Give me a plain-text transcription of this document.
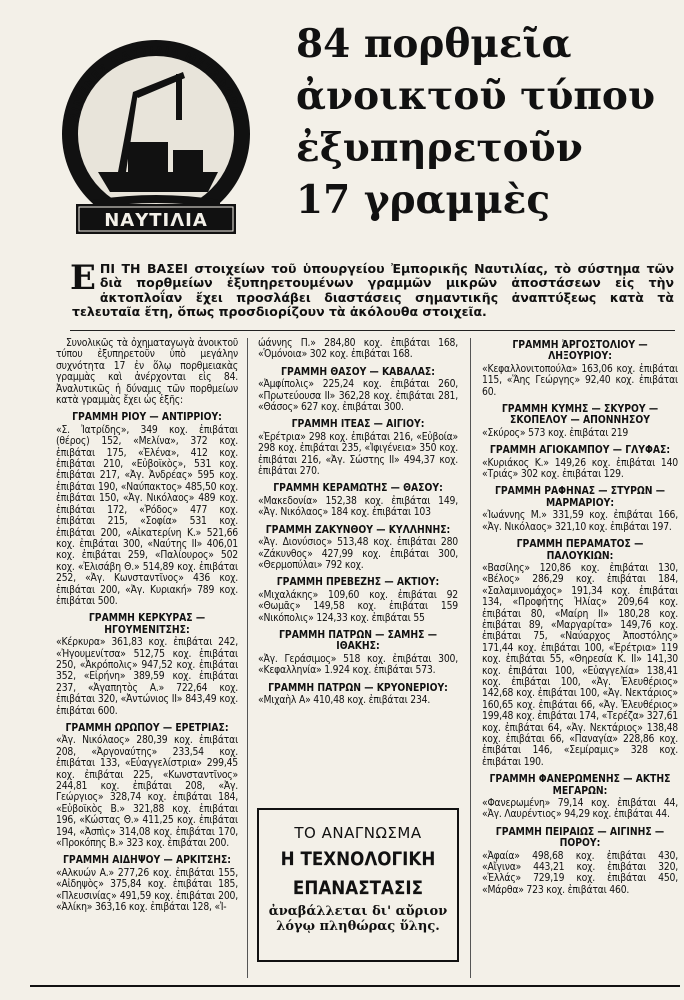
ΛΙΜΕΝΕΣ ΝΑΥΤΙΛΙΑ ΜΕΤΑΦΟΡΑΙ
ΝΑΥΤΙΛΙΑ
84 πορθμεῖα
ἀνοικτοῦ τύπου
ἐξυπηρετοῦν
17 γραμμὲς
ΕΠΙ ΤΗ ΒΑΣΕΙ στοιχείων τοῦ ὑπουργείου Ἐμπορικῆς Ναυτιλίας, τὸ σύστημα τῶν διὰ πορθμείων ἐξυπηρετουμένων γραμμῶν μικρῶν ἀποστάσεων εἰς τὴν ἀκτοπλοΐαν ἔχει προσλάβει διαστάσεις σημαντικῆς ἀναπτύξεως κατὰ τὰ τελευταῖα ἔτη, ὅπως προσδιορίζουν τὰ ἀκόλουθα στοιχεῖα.

Συνολικῶς τὰ ὀχηματαγωγὰ ἀνοικτοῦ τύπου ἐξυπηρετοῦν ὑπὸ μεγάλην συχνότητα 17 ἐν ὅλῳ πορθμειακὰς γραμμὰς καὶ ἀνέρχονται εἰς 84. Ἀναλυτικῶς ἡ δύναμις τῶν πορθμείων κατὰ γραμμὰς ἔχει ὡς ἑξῆς:

ΓΡΑΜΜΗ ΡΙΟΥ — ΑΝΤΙΡΡΙΟΥ:

«Σ. Ἰατρίδης», 349 κοχ. ἐπιβάται (θέρος) 152, «Μελίνα», 372 κοχ. ἐπιβάται 175, «Ἐλένα», 412 κοχ. ἐπιβάται 210, «Εὐβοϊκὸς», 531 κοχ. ἐπιβάται 217, «Ἀγ. Ἀνδρέας» 595 κοχ. ἐπιβάται 190, «Ναύπακτος» 485,50 κοχ. ἐπιβάται 150, «Ἀγ. Νικόλαος» 489 κοχ. ἐπιβάται 172, «Ῥόδος» 477 κοχ. ἐπιβάται 215, «Σοφία» 531 κοχ. ἐπιβάται 200, «Αἰκατερίνη Κ.» 521,66 κοχ. ἐπιβάται 300, «Ναύτης ΙΙ» 406,01 κοχ. ἐπιβάται 259, «Παλίουρος» 502 κοχ. «Ἐλισάβη Θ.» 514,89 κοχ. ἐπιβάται 252, «Ἀγ. Κωνσταντῖνος» 436 κοχ. ἐπιβάται 200, «Ἀγ. Κυριακή» 789 κοχ. ἐπιβάται 500.

ΓΡΑΜΜΗ ΚΕΡΚΥΡΑΣ — ΗΓΟΥΜΕΝΙΤΣΗΣ:

«Κέρκυρα» 361,83 κοχ. ἐπιβάται 242, «Ἠγουμενίτσα» 512,75 κοχ. ἐπιβάται 250, «Ἀκρόπολις» 947,52 κοχ. ἐπιβάται 352, «Εἰρήνη» 389,59 κοχ. ἐπιβάται 237, «Ἀγαπητὸς Α.» 722,64 κοχ. ἐπιβάται 320, «Ἀντώνιος ΙΙ» 843,49 κοχ. ἐπιβάται 600.

ΓΡΑΜΜΗ ΩΡΩΠΟΥ — ΕΡΕΤΡΙΑΣ:

«Ἀγ. Νικόλαος» 280,39 κοχ. ἐπιβάται 208, «Ἀργοναύτης» 233,54 κοχ. ἐπιβάται 133, «Εὐαγγελίστρια» 299,45 κοχ. ἐπιβάται 225, «Κωνσταντῖνος» 244,81 κοχ. ἐπιβάται 208, «Ἀγ. Γεώργιος» 328,74 κοχ. ἐπιβάται 184, «Εὐβοϊκὸς Β.» 321,88 κοχ. ἐπιβάται 196, «Κώστας Θ.» 411,25 κοχ. ἐπιβάται 194, «Ἀσπὶς» 314,08 κοχ. ἐπιβάται 170, «Προκόπης Β.» 323 κοχ. ἐπιβάται 200.

ΓΡΑΜΜΗ ΑΙΔΗΨΟΥ — ΑΡΚΙΤΣΗΣ:

«Αλκυών Α.» 277,26 κοχ. ἐπιβάται 155, «Αἰδηψὸς» 375,84 κοχ. ἐπιβάται 185, «Πλευσινίας» 491,59 κοχ. ἐπιβάται 200, «Ἀλίκη» 363,16 κοχ. ἐπιβάται 128, «Ἰ-

ώάννης Π.» 284,80 κοχ. ἐπιβάται 168, «Ὁμόνοια» 302 κοχ. ἐπιβάται 168.

ΓΡΑΜΜΗ ΘΑΣΟΥ — ΚΑΒΑΛΑΣ:

«Ἀμφίπολις» 225,24 κοχ. ἐπιβάται 260, «Πρωτεύουσα ΙΙ» 362,28 κοχ. ἐπιβάται 281, «Θάσος» 627 κοχ. ἐπιβάται 300.

ΓΡΑΜΜΗ ΙΤΕΑΣ — ΑΙΓΙΟΥ:

«Ἐρέτρια» 298 κοχ. ἐπιβάται 216, «Εὐβοία» 298 κοχ. ἐπιβάται 235, «Ἰφιγένεια» 350 κοχ. ἐπιβάται 216, «Ἀγ. Σώστης ΙΙ» 494,37 κοχ. ἐπιβάται 270.

ΓΡΑΜΜΗ ΚΕΡΑΜΩΤΗΣ — ΘΑΣΟΥ:

«Μακεδονία» 152,38 κοχ. ἐπιβάται 149, «Ἀγ. Νικόλαος» 184 κοχ. ἐπιβάται 103

ΓΡΑΜΜΗ ΖΑΚΥΝΘΟΥ — ΚΥΛΛΗΝΗΣ:

«Ἀγ. Διονύσιος» 513,48 κοχ. ἐπιβάται 280 «Ζάκυνθος» 427,99 κοχ. ἐπιβάται 300, «Θερμοπύλαι» 792 κοχ.

ΓΡΑΜΜΗ ΠΡΕΒΕΖΗΣ — ΑΚΤΙΟΥ:

«Μιχαλάκης» 109,60 κοχ. ἐπιβάται 92 «Θωμᾶς» 149,58 κοχ. ἐπιβάται 159 «Νικόπολις» 124,33 κοχ. ἐπιβάται 55

ΓΡΑΜΜΗ ΠΑΤΡΩΝ — ΣΑΜΗΣ — ΙΘΑΚΗΣ:

«Ἀγ. Γεράσιμος» 518 κοχ. ἐπιβάται 300, «Κεφαλληνία» 1.924 κοχ. ἐπιβάται 573.

ΓΡΑΜΜΗ ΠΑΤΡΩΝ — ΚΡΥΟΝΕΡΙΟΥ:

«Μιχαὴλ Α» 410,48 κοχ. ἐπιβάται 234.

ΤΟ ΑΝΑΓΝΩΣΜΑ
Η ΤΕΧΝΟΛΟΓΙΚΗ
ΕΠΑΝΑΣΤΑΣΙΣ
ἀναβάλλεται δι' αὔριον λόγῳ πληθώρας ὕλης.
ΓΡΑΜΜΗ ἈΡΓΟΣΤΟΛΙΟΥ — ΛΗΞΟΥΡΙΟΥ:

«Κεφαλλονιτοπούλα» 163,06 κοχ. ἐπιβάται 115, «Ἅης Γεώργης» 92,40 κοχ. ἐπιβάται 60.

ΓΡΑΜΜΗ ΚΥΜΗΣ — ΣΚΥΡΟΥ — ΣΚΟΠΕΛΟΥ — ΑΠΟΝΝΗΣΟΥ

«Σκύρος» 573 κοχ. ἐπιβάται 219

ΓΡΑΜΜΗ ΑΓΙΟΚΑΜΠΟΥ — ΓΛΥΦΑΣ:

«Κυριάκος Κ.» 149,26 κοχ. ἐπιβάται 140 «Τριάς» 302 κοχ. ἐπιβάται 129.

ΓΡΑΜΜΗ ΡΑΦΗΝΑΣ — ΣΤΥΡΩΝ — ΜΑΡΜΑΡΙΟΥ:

«Ἰωάννης Μ.» 331,59 κοχ. ἐπιβάται 166, «Ἀγ. Νικόλαος» 321,10 κοχ. ἐπιβάται 197.

ΓΡΑΜΜΗ ΠΕΡΑΜΑΤΟΣ — ΠΑΛΟΥΚΙΩΝ:

«Βασίλης» 120,86 κοχ. ἐπιβάται 130, «Βέλος» 286,29 κοχ. ἐπιβάται 184, «Σαλαμινομάχος» 191,34 κοχ. ἐπιβάται 134, «Προφήτης Ἠλίας» 209,64 κοχ. ἐπιβάται 80, «Μαίρη ΙΙ» 180,28 κοχ. ἐπιβάται 89, «Μαργαρίτα» 149,76 κοχ. ἐπιβάται 75, «Ναύαρχος Ἀποστόλης» 171,44 κοχ. ἐπιβάται 100, «Ἐρέτρια» 119 κοχ. ἐπιβάται 55, «Θηρεσία Κ. ΙΙ» 141,30 κοχ. ἐπιβάται 100, «Εὐαγγελία» 138,41 κοχ. ἐπιβάται 100, «Ἀγ. Ἐλευθέριος» 142,68 κοχ. ἐπιβάται 100, «Ἀγ. Νεκτάριος» 160,65 κοχ. ἐπιβάται 66, «Ἀγ. Ἐλευθέριος» 199,48 κοχ. ἐπιβάται 174, «Τερέζα» 327,61 κοχ. ἐπιβάται 64, «Ἀγ. Νεκτάριος» 138,48 κοχ. ἐπιβάται 66, «Παναγία» 228,86 κοχ. ἐπιβάται 146, «Σεμίραμις» 328 κοχ. ἐπιβάται 190.

ΓΡΑΜΜΗ ΦΑΝΕΡΩΜΕΝΗΣ — ΑΚΤΗΣ ΜΕΓΑΡΩΝ:

«Φανερωμένη» 79,14 κοχ. ἐπιβάται 44, «Ἀγ. Λαυρέντιος» 94,29 κοχ. ἐπιβάται 44.

ΓΡΑΜΜΗ ΠΕΙΡΑΙΩΣ — ΑΙΓΙΝΗΣ — ΠΟΡΟΥ:

«Ἀφαία» 498,68 κοχ. ἐπιβάται 430, «Αἴγινα» 443,21 κοχ. ἐπιβάται 320, «Ἑλλάς» 729,19 κοχ. ἐπιβάται 450, «Μάρθα» 723 κοχ. ἐπιβάται 460.
